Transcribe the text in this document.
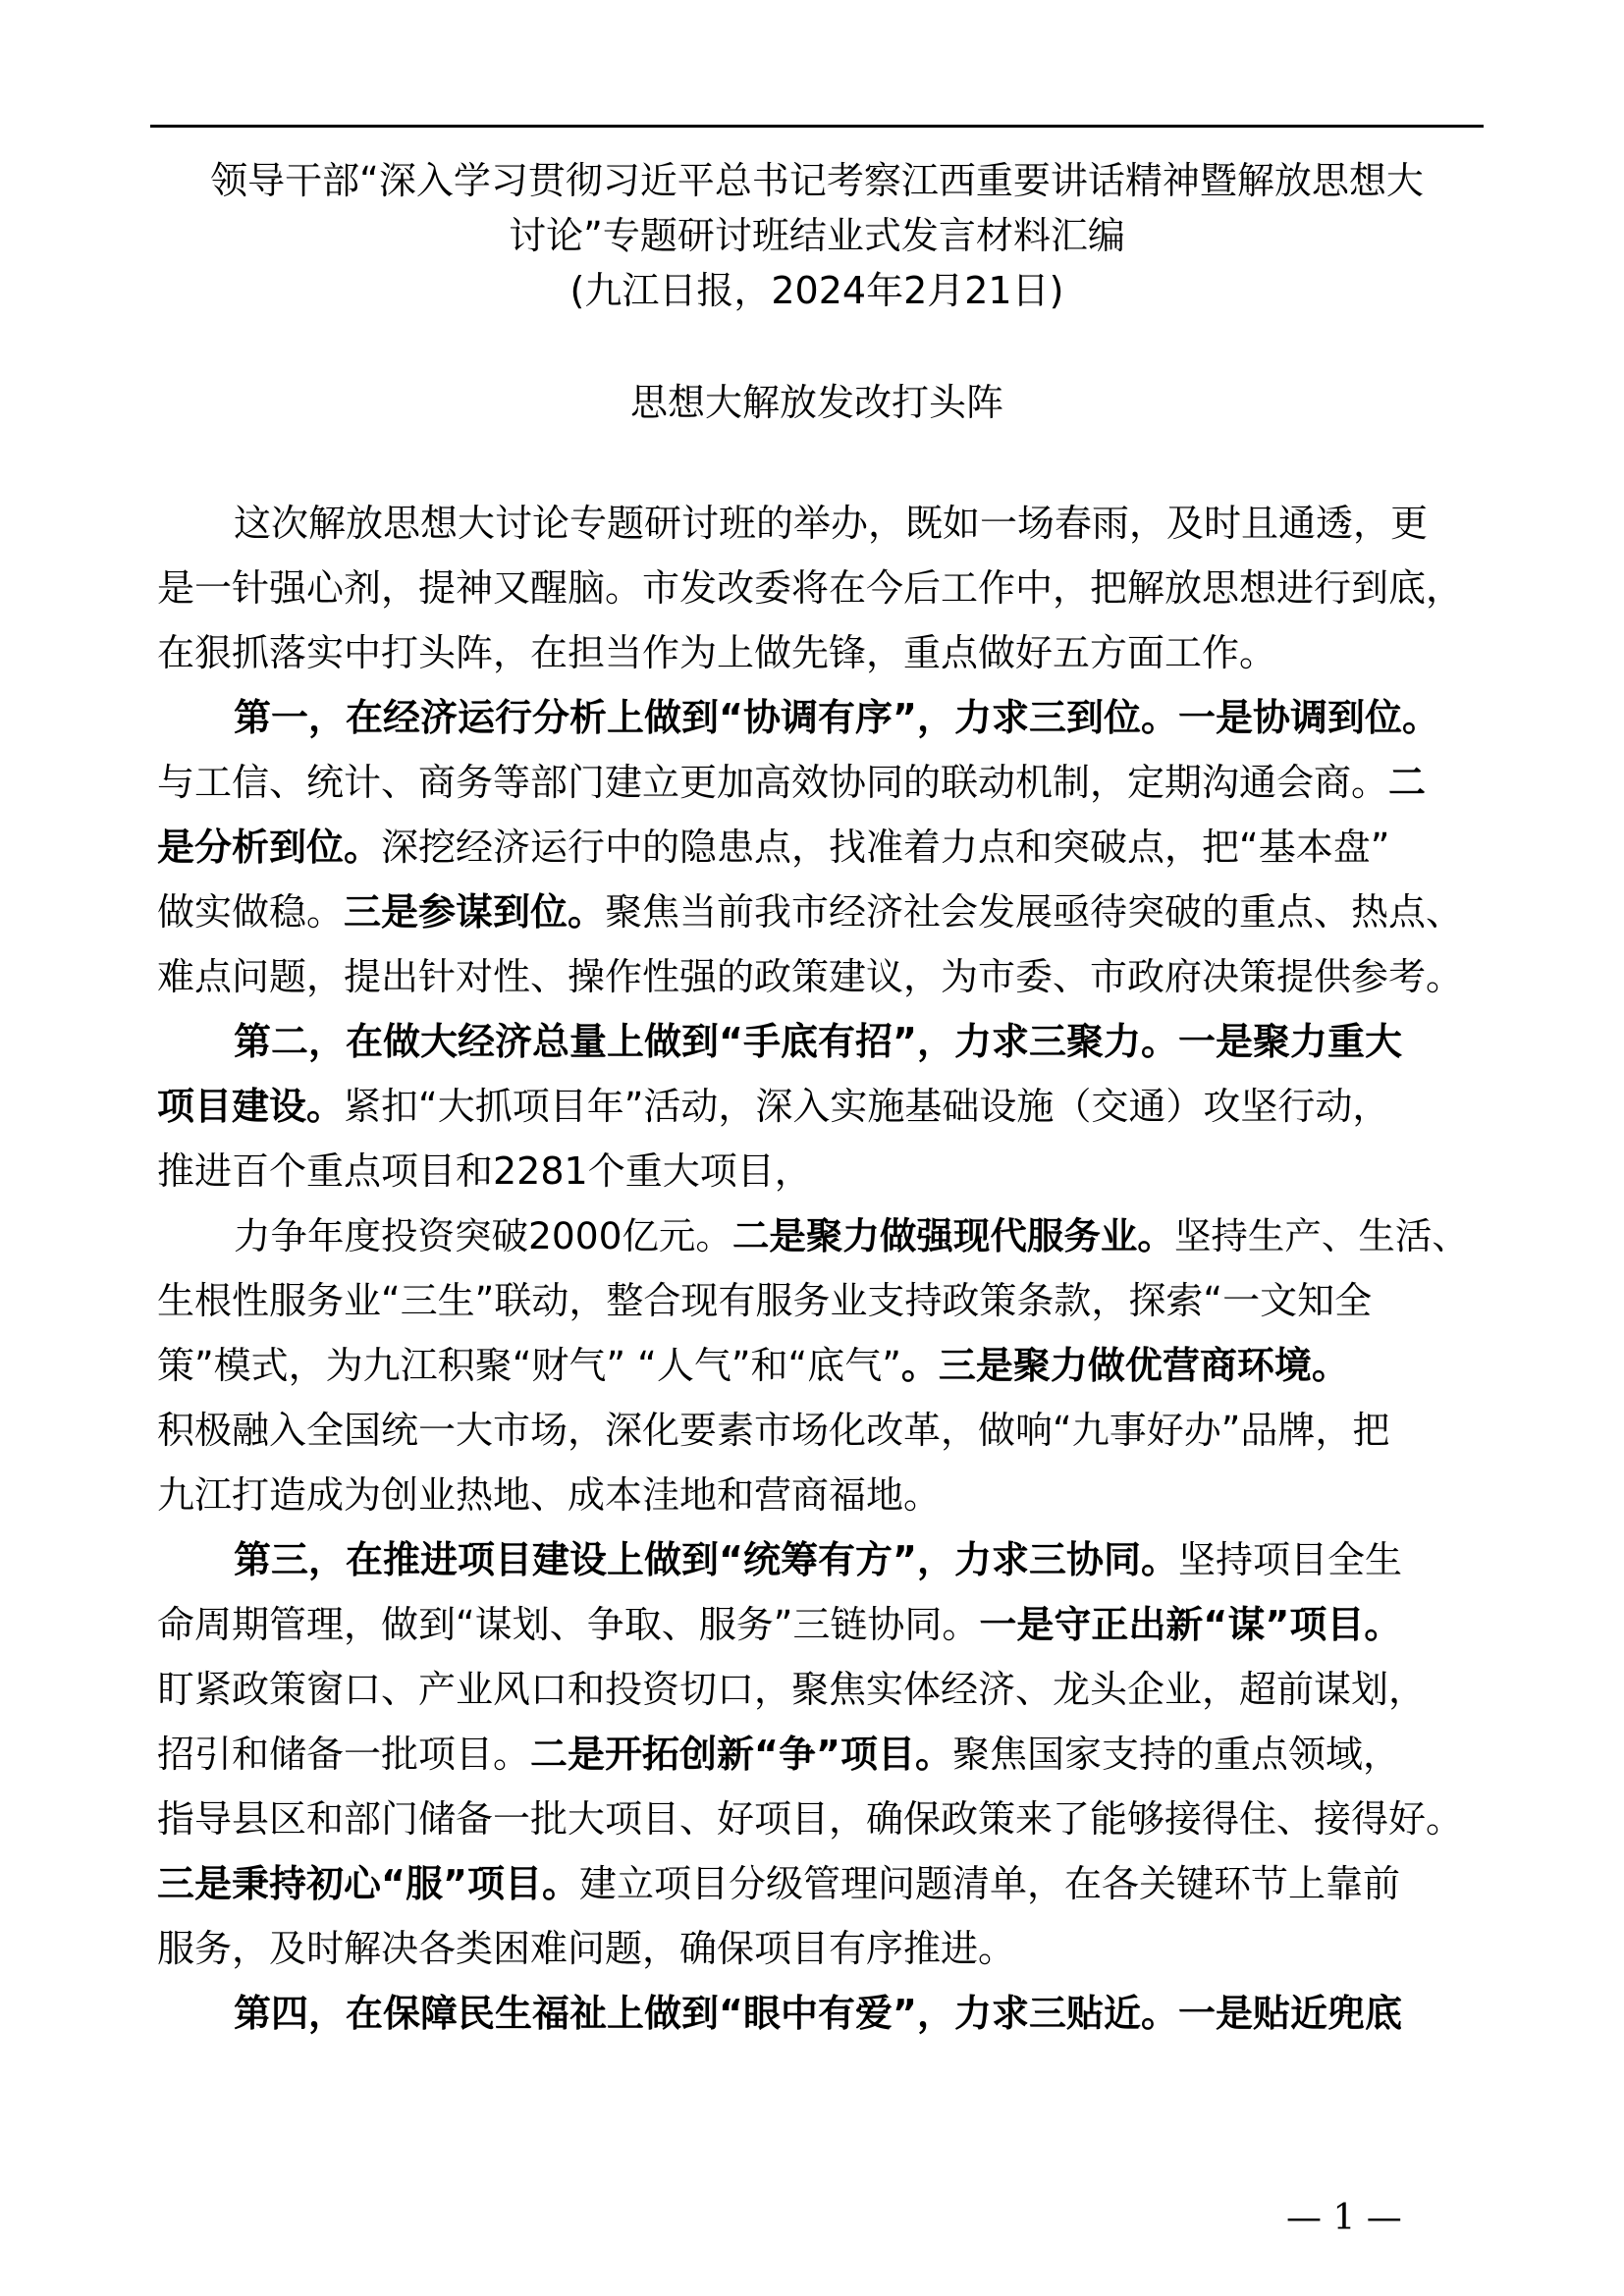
领导干部“深入学习贯彻习近平总书记考察江西重要讲话精神暨解放思想大
讨论”专题研讨班结业式发言材料汇编
(九江日报，2024年2月21日)
思想大解放发改打头阵
这次解放思想大讨论专题研讨班的举办，既如一场春雨，及时且通透，更
是一针强心剂，提神又醒脑。市发改委将在今后工作中，把解放思想进行到底，
在狠抓落实中打头阵，在担当作为上做先锋，重点做好五方面工作。
第一，在经济运行分析上做到“协调有序”，力求三到位。一是协调到位。
与工信、统计、商务等部门建立更加高效协同的联动机制，定期沟通会商。二
是分析到位。深挖经济运行中的隐患点，找准着力点和突破点，把“基本盘”
做实做稳。三是参谋到位。聚焦当前我市经济社会发展亟待突破的重点、热点、
难点问题，提出针对性、操作性强的政策建议，为市委、市政府决策提供参考。
第二，在做大经济总量上做到“手底有招”，力求三聚力。一是聚力重大
项目建设。紧扣“大抓项目年”活动，深入实施基础设施（交通）攻坚行动，
推进百个重点项目和2281个重大项目，
力争年度投资突破2000亿元。二是聚力做强现代服务业。坚持生产、生活、
生根性服务业“三生”联动，整合现有服务业支持政策条款，探索“一文知全
策”模式，为九江积聚“财气” “人气”和“底气”。三是聚力做优营商环境。
积极融入全国统一大市场，深化要素市场化改革，做响“九事好办”品牌，把
九江打造成为创业热地、成本洼地和营商福地。
第三，在推进项目建设上做到“统筹有方”，力求三协同。坚持项目全生
命周期管理，做到“谋划、争取、服务”三链协同。一是守正出新“谋”项目。
盯紧政策窗口、产业风口和投资切口，聚焦实体经济、龙头企业，超前谋划，
招引和储备一批项目。二是开拓创新“争”项目。聚焦国家支持的重点领域，
指导县区和部门储备一批大项目、好项目，确保政策来了能够接得住、接得好。
三是秉持初心“服”项目。建立项目分级管理问题清单，在各关键环节上靠前
服务，及时解决各类困难问题，确保项目有序推进。
第四，在保障民生福祉上做到“眼中有爱”，力求三贴近。一是贴近兜底
— 1 —
